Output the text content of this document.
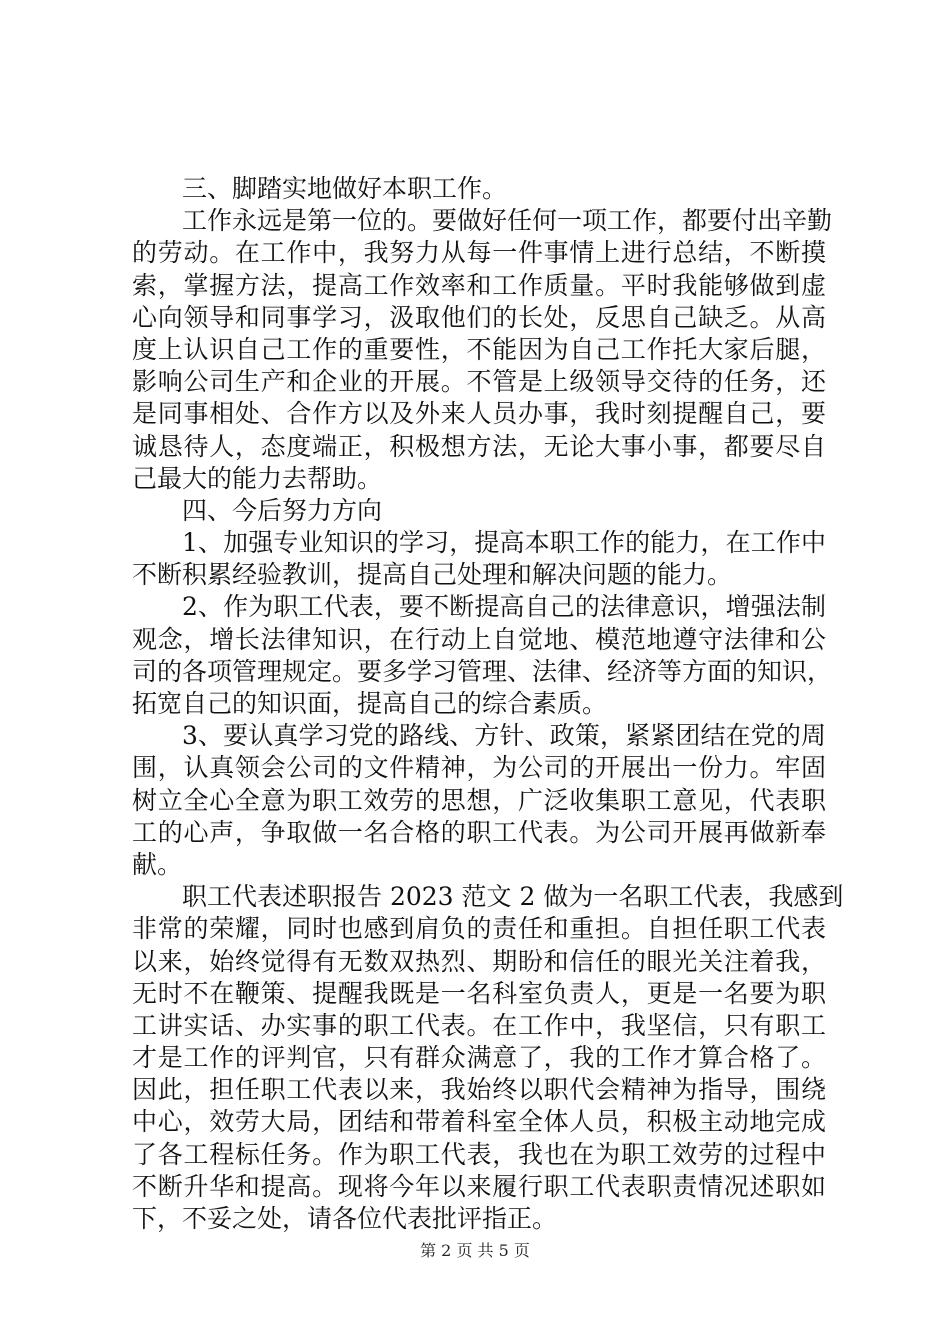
三、脚踏实地做好本职工作。
工作永远是第一位的。要做好任何一项工作，都要付出辛勤
的劳动。在工作中，我努力从每一件事情上进行总结，不断摸
索，掌握方法，提高工作效率和工作质量。平时我能够做到虚
心向领导和同事学习，汲取他们的长处，反思自己缺乏。从高
度上认识自己工作的重要性，不能因为自己工作托大家后腿，
影响公司生产和企业的开展。不管是上级领导交待的任务，还
是同事相处、合作方以及外来人员办事，我时刻提醒自己，要
诚恳待人，态度端正，积极想方法，无论大事小事，都要尽自
己最大的能力去帮助。
四、今后努力方向
1、加强专业知识的学习，提高本职工作的能力，在工作中
不断积累经验教训，提高自己处理和解决问题的能力。
2、作为职工代表，要不断提高自己的法律意识，增强法制
观念，增长法律知识，在行动上自觉地、模范地遵守法律和公
司的各项管理规定。要多学习管理、法律、经济等方面的知识，
拓宽自己的知识面，提高自己的综合素质。
3、要认真学习党的路线、方针、政策，紧紧团结在党的周
围，认真领会公司的文件精神，为公司的开展出一份力。牢固
树立全心全意为职工效劳的思想，广泛收集职工意见，代表职
工的心声，争取做一名合格的职工代表。为公司开展再做新奉
献。
职工代表述职报告 2023 范文 2 做为一名职工代表，我感到
非常的荣耀，同时也感到肩负的责任和重担。自担任职工代表
以来，始终觉得有无数双热烈、期盼和信任的眼光关注着我，
无时不在鞭策、提醒我既是一名科室负责人，更是一名要为职
工讲实话、办实事的职工代表。在工作中，我坚信，只有职工
才是工作的评判官，只有群众满意了，我的工作才算合格了。
因此，担任职工代表以来，我始终以职代会精神为指导，围绕
中心，效劳大局，团结和带着科室全体人员，积极主动地完成
了各工程标任务。作为职工代表，我也在为职工效劳的过程中
不断升华和提高。现将今年以来履行职工代表职责情况述职如
下，不妥之处，请各位代表批评指正。
第 2 页 共 5 页
